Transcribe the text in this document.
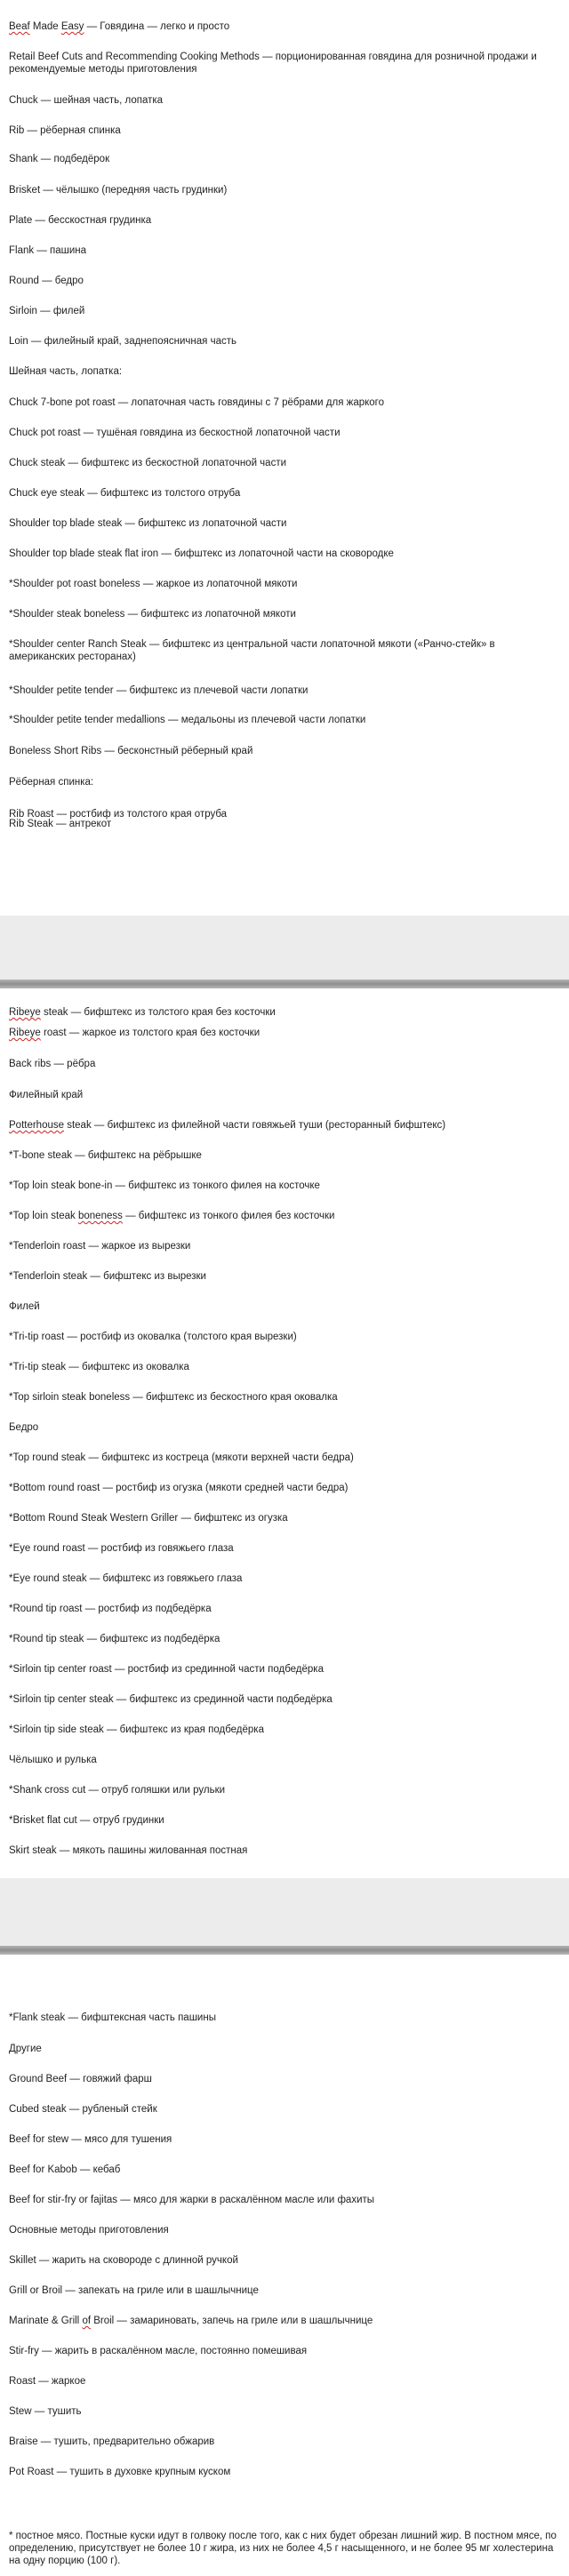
Beaf Made Easy — Говядина — легко и просто
Retail Beef Cuts and Recommending Cooking Methods — порционированная говядина для розничной продажи и рекомендуемые методы приготовления
Chuck — шейная часть, лопатка
Rib — рёберная спинка
Shank — подбедёрок
Brisket — чёлышко (передняя часть грудинки)
Plate — бесскостная грудинка
Flank — пашина
Round — бедро
Sirloin — филей
Loin — филейный край, заднепоясничная часть
Шейная часть, лопатка:
Chuck 7-bone pot roast — лопаточная часть говядины с 7 рёбрами для жаркого
Chuck pot roast — тушёная говядина из бескостной лопаточной части
Chuck steak — бифштекс из бескостной лопаточной части
Chuck eye steak — бифштекс из толстого отруба
Shoulder top blade steak — бифштекс из лопаточной части
Shoulder top blade steak flat iron — бифштекс из лопаточной части на сковородке
*Shoulder pot roast boneless — жаркое из лопаточной мякоти
*Shoulder steak boneless — бифштекс из лопаточной мякоти
*Shoulder center Ranch Steak — бифштекс из центральной части лопаточной мякоти («Ранчо-стейк» в американских ресторанах)
*Shoulder petite tender — бифштекс из плечевой части лопатки
*Shoulder petite tender medallions — медальоны из плечевой части лопатки
Boneless Short Ribs — бесконстный рёберный край
Рёберная спинка:
Rib Roast — ростбиф из толстого края отруба
Rib Steak — антрекот
Ribeye steak — бифштекс из толстого края без косточки
Ribeye roast — жаркое из толстого края без косточки
Back ribs — рёбра
Филейный край
Potterhouse steak — бифштекс из филейной части говяжьей туши (ресторанный бифштекс)
*T-bone steak — бифштекс на рёбрышке
*Top loin steak bone-in — бифштекс из тонкого филея на косточке
*Top loin steak boneness — бифштекс из тонкого филея без косточки
*Tenderloin roast — жаркое из вырезки
*Tenderloin steak — бифштекс из вырезки
Филей
*Tri-tip roast — ростбиф из оковалка (толстого края вырезки)
*Tri-tip steak — бифштекс из оковалка
*Top sirloin steak boneless — бифштекс из бескостного края оковалка
Бедро
*Top round steak — бифштекс из костреца (мякоти верхней части бедра)
*Bottom round roast — ростбиф из огузка (мякоти средней части бедра)
*Bottom Round Steak Western Griller — бифштекс из огузка
*Eye round roast — ростбиф из говяжьего глаза
*Eye round steak — бифштекс из говяжьего глаза
*Round tip roast — ростбиф из подбедёрка
*Round tip steak — бифштекс из подбедёрка
*Sirloin tip center roast — ростбиф из срединной части подбедёрка
*Sirloin tip center steak — бифштекс из срединной части подбедёрка
*Sirloin tip side steak — бифштекс из края подбедёрка
Чёлышко и рулька
*Shank cross cut — отруб голяшки или рульки
*Brisket flat cut — отруб грудинки
Skirt steak — мякоть пашины жилованная постная
*Flank steak — бифштексная часть пашины
Другие
Ground Beef — говяжий фарш
Cubed steak — рубленый стейк
Beef for stew — мясо для тушения
Beef for Kabob — кебаб
Beef for stir-fry or fajitas — мясо для жарки в раскалённом масле или фахиты
Основные методы приготовления
Skillet — жарить на сковороде с длинной ручкой
Grill or Broil — запекать на гриле или в шашлычнице
Marinate & Grill of Broil — замариновать, запечь на гриле или в шашлычнице
Stir-fry — жарить в раскалённом масле, постоянно помешивая
Roast — жаркое
Stew — тушить
Braise — тушить, предварительно обжарив
Pot Roast — тушить в духовке крупным куском
* постное мясо. Постные куски идут в голвоку после того, как с них будет обрезан лишний жир. В постном мясе, по определению, присутствует не более 10 г жира, из них не более 4,5 г насыщенного, и не более 95 мг холестерина на одну порцию (100 г).
